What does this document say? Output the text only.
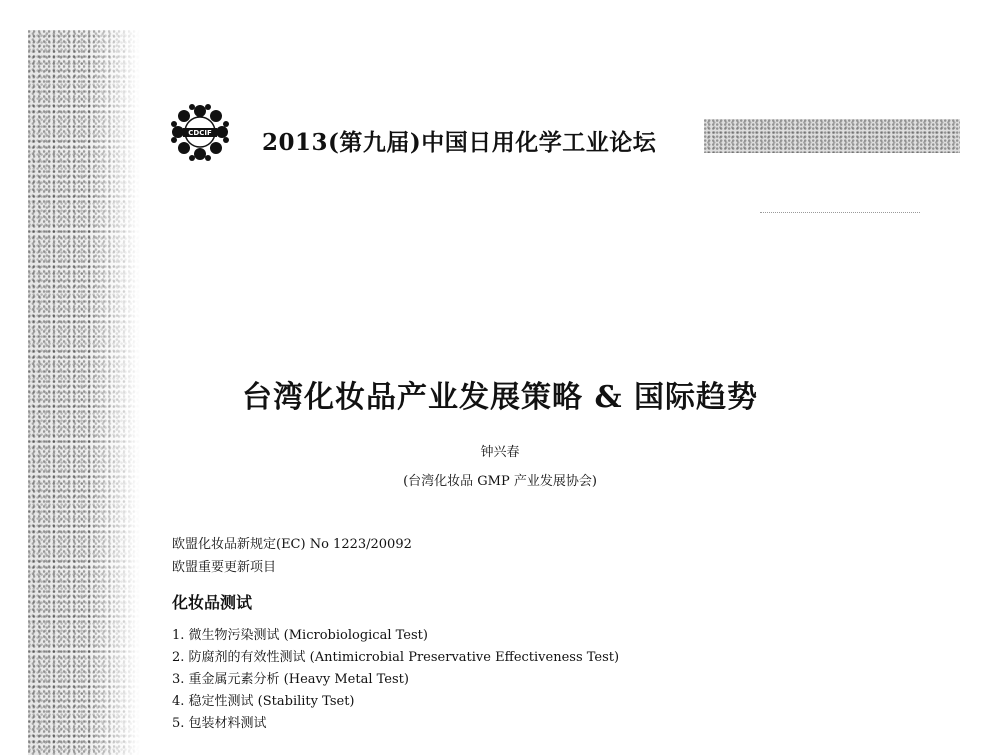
CDCIF 2013(第九届)中国日用化学工业论坛
台湾化妆品产业发展策略 & 国际趋势
钟兴春
(台湾化妆品 GMP 产业发展协会)
欧盟化妆品新规定(EC) No 1223/20092
欧盟重要更新项目
化妆品测试
1. 微生物污染测试 (Microbiological Test)
2. 防腐剂的有效性测试 (Antimicrobial Preservative Effectiveness Test)
3. 重金属元素分析 (Heavy Metal Test)
4. 稳定性测试 (Stability Tset)
5. 包装材料测试
